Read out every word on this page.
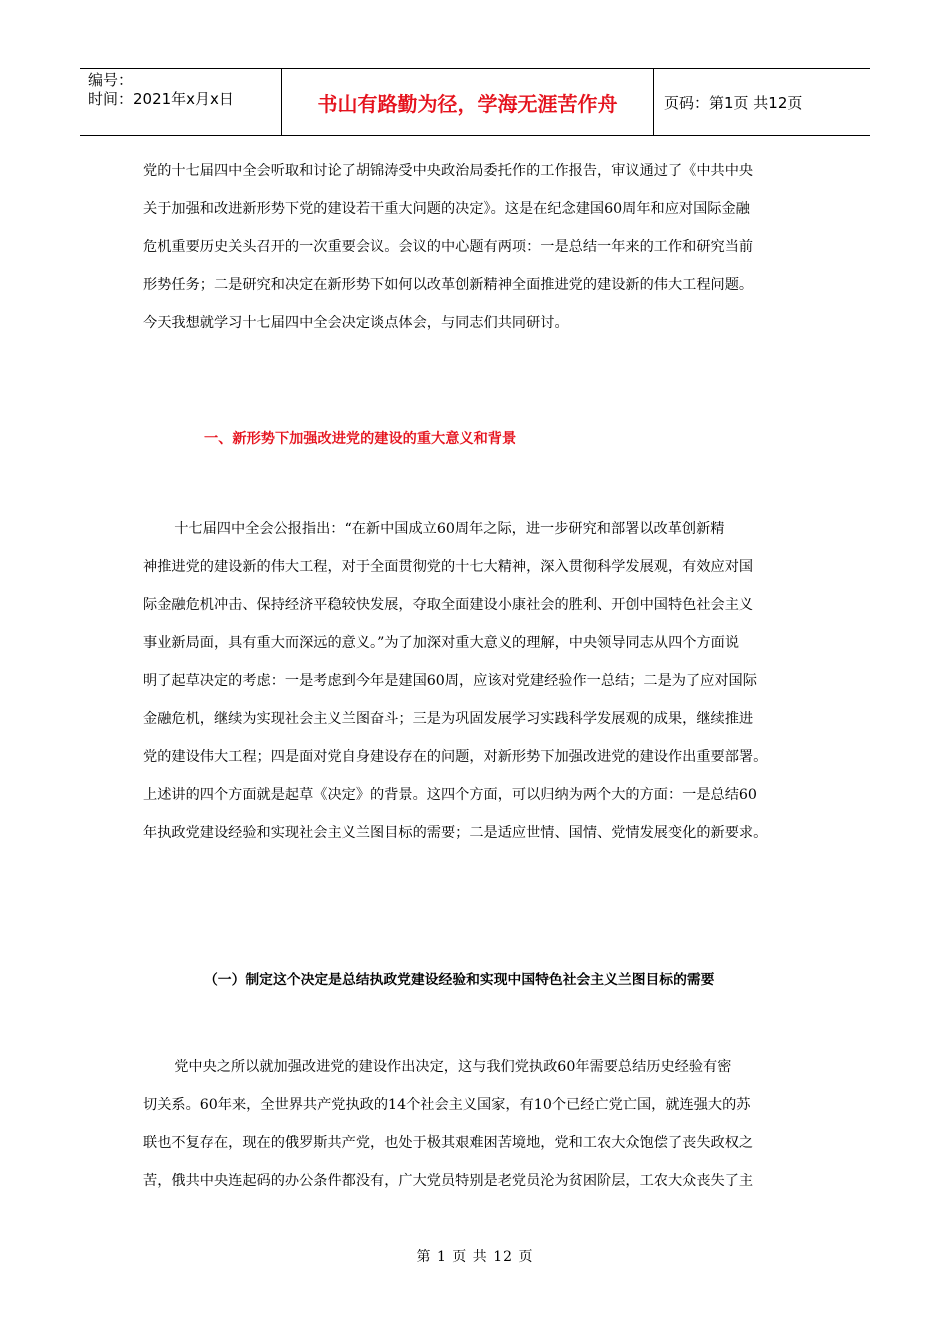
编号：
时间：2021年x月x日	书山有路勤为径，学海无涯苦作舟	页码：第1页 共12页

党的十七届四中全会听取和讨论了胡锦涛受中央政治局委托作的工作报告，审议通过了《中共中央

关于加强和改进新形势下党的建设若干重大问题的决定》。这是在纪念建国60周年和应对国际金融

危机重要历史关头召开的一次重要会议。会议的中心题有两项：一是总结一年来的工作和研究当前

形势任务；二是研究和决定在新形势下如何以改革创新精神全面推进党的建设新的伟大工程问题。

今天我想就学习十七届四中全会决定谈点体会，与同志们共同研讨。

一、新形势下加强改进党的建设的重大意义和背景

十七届四中全会公报指出：“在新中国成立60周年之际，进一步研究和部署以改革创新精

神推进党的建设新的伟大工程，对于全面贯彻党的十七大精神，深入贯彻科学发展观，有效应对国

际金融危机冲击、保持经济平稳较快发展，夺取全面建设小康社会的胜利、开创中国特色社会主义

事业新局面，具有重大而深远的意义。”为了加深对重大意义的理解，中央领导同志从四个方面说

明了起草决定的考虑：一是考虑到今年是建国60周，应该对党建经验作一总结；二是为了应对国际

金融危机，继续为实现社会主义兰图奋斗；三是为巩固发展学习实践科学发展观的成果，继续推进

党的建设伟大工程；四是面对党自身建设存在的问题，对新形势下加强改进党的建设作出重要部署。

上述讲的四个方面就是起草《决定》的背景。这四个方面，可以归纳为两个大的方面：一是总结60

年执政党建设经验和实现社会主义兰图目标的需要；二是适应世情、国情、党情发展变化的新要求。

（一）制定这个决定是总结执政党建设经验和实现中国特色社会主义兰图目标的需要

党中央之所以就加强改进党的建设作出决定，这与我们党执政60年需要总结历史经验有密

切关系。60年来，全世界共产党执政的14个社会主义国家，有10个已经亡党亡国，就连强大的苏

联也不复存在，现在的俄罗斯共产党，也处于极其艰难困苦境地，党和工农大众饱偿了丧失政权之

苦，俄共中央连起码的办公条件都没有，广大党员特别是老党员沦为贫困阶层，工农大众丧失了主

第 1 页 共 12 页
